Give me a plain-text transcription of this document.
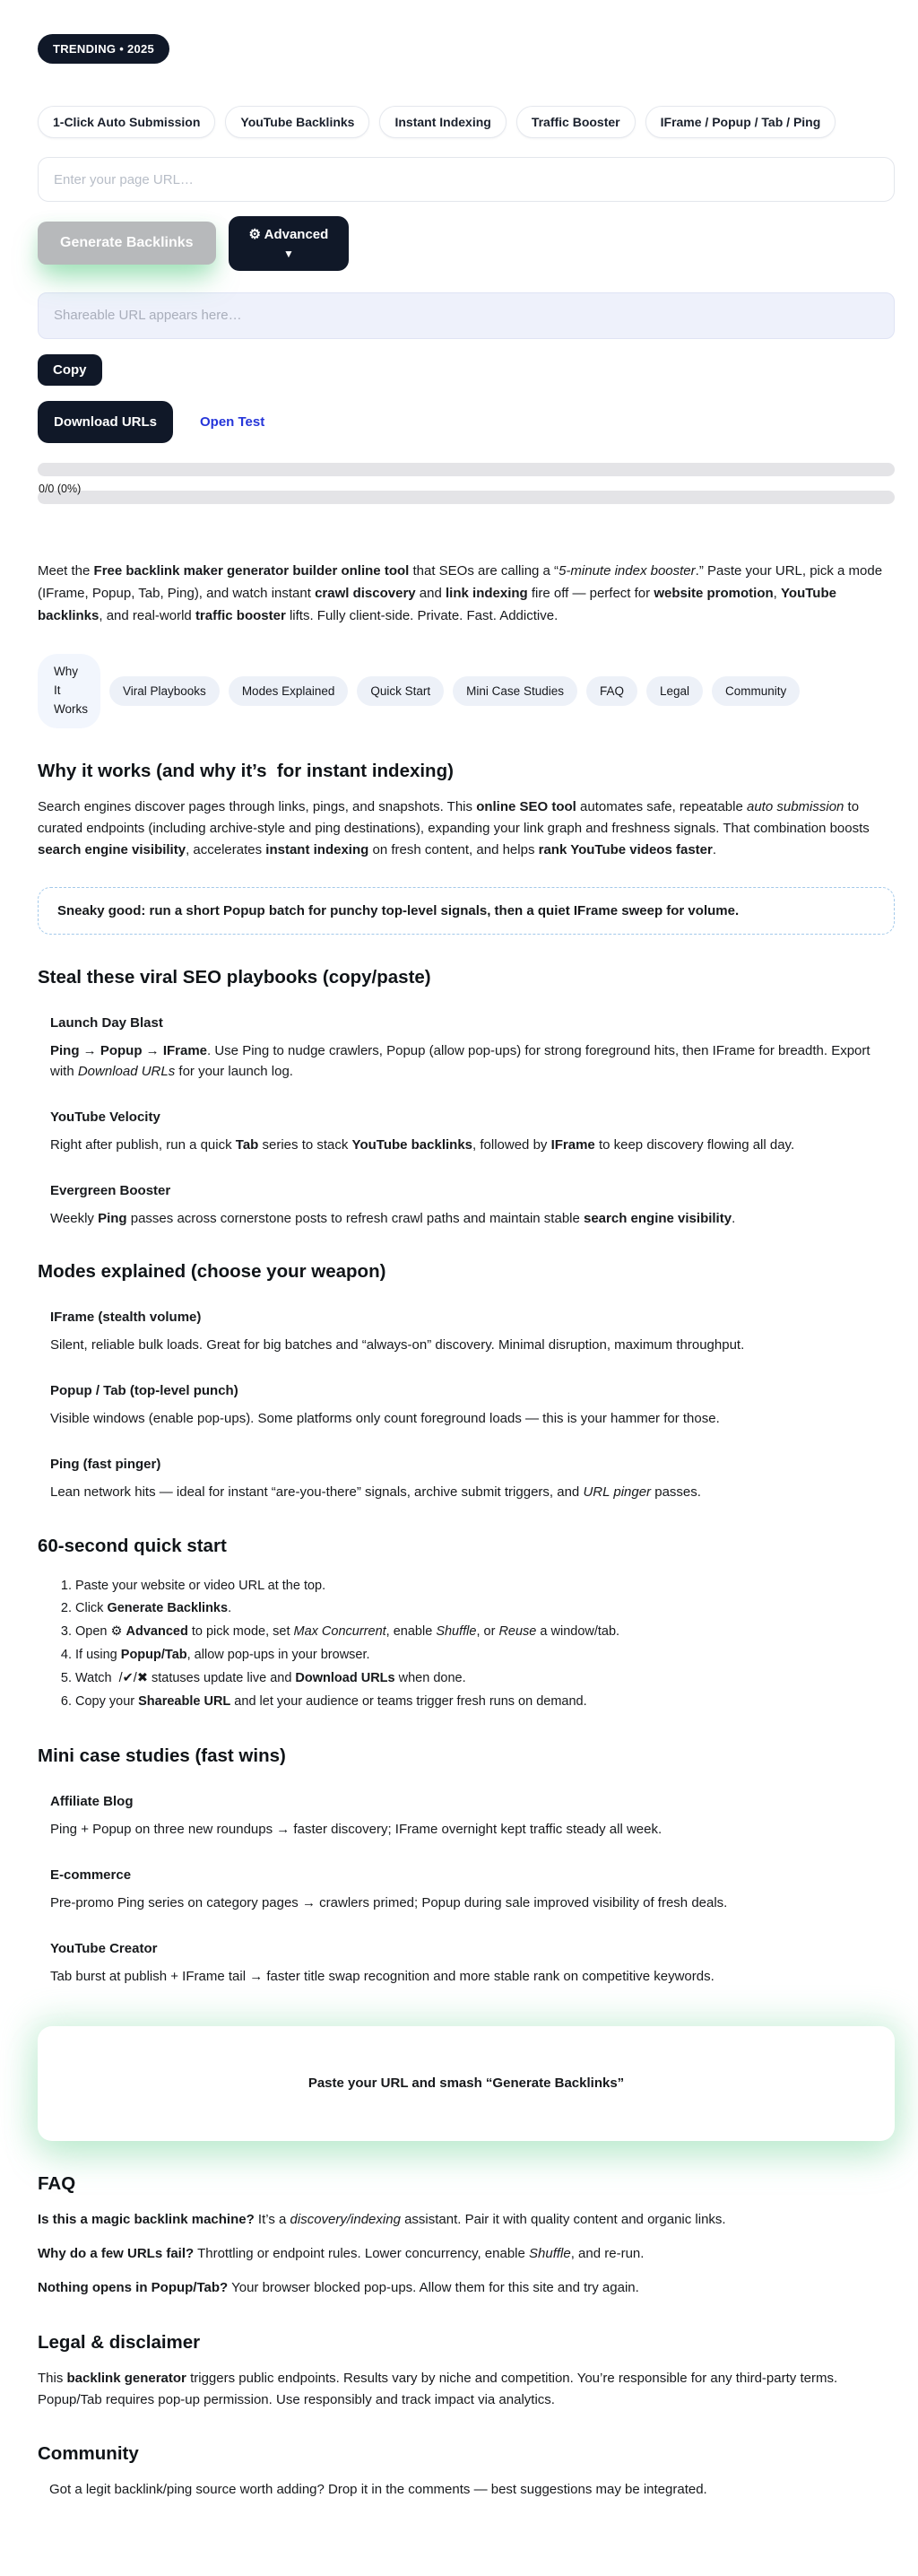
TRENDING • 2025
1-Click Auto Submission	YouTube Backlinks	Instant Indexing	Traffic Booster	IFrame / Popup / Tab / Ping
Enter your page URL…
Generate Backlinks
⚙ Advanced
▼
Shareable URL appears here…
Copy
Download URLs	Open Test
0/0 (0%)

Meet the Free backlink maker generator builder online tool that SEOs are calling a “5-minute index booster.” Paste your URL, pick a mode (IFrame, Popup, Tab, Ping), and watch instant crawl discovery and link indexing fire off — perfect for website promotion, YouTube backlinks, and real-world traffic booster lifts. Fully client-side. Private. Fast. Addictive.

Why It Works
Viral Playbooks	Modes Explained	Quick Start	Mini Case Studies	FAQ	Legal	Community
Why it works (and why it’s  for instant indexing)

Search engines discover pages through links, pings, and snapshots. This online SEO tool automates safe, repeatable auto submission to curated endpoints (including archive-style and ping destinations), expanding your link graph and freshness signals. That combination boosts search engine visibility, accelerates instant indexing on fresh content, and helps rank YouTube videos faster.

Sneaky good: run a short Popup batch for punchy top-level signals, then a quiet IFrame sweep for volume.
Steal these viral SEO playbooks (copy/paste)
Launch Day Blast
Ping → Popup → IFrame. Use Ping to nudge crawlers, Popup (allow pop-ups) for strong foreground hits, then IFrame for breadth. Export with Download URLs for your launch log.
YouTube Velocity
Right after publish, run a quick Tab series to stack YouTube backlinks, followed by IFrame to keep discovery flowing all day.
Evergreen Booster
Weekly Ping passes across cornerstone posts to refresh crawl paths and maintain stable search engine visibility.
Modes explained (choose your weapon)
IFrame (stealth volume)
Silent, reliable bulk loads. Great for big batches and “always-on” discovery. Minimal disruption, maximum throughput.
Popup / Tab (top-level punch)
Visible windows (enable pop-ups). Some platforms only count foreground loads — this is your hammer for those.
Ping (fast pinger)
Lean network hits — ideal for instant “are-you-there” signals, archive submit triggers, and URL pinger passes.
60-second quick start
1. Paste your website or video URL at the top.
2. Click Generate Backlinks.
3. Open ⚙ Advanced to pick mode, set Max Concurrent, enable Shuffle, or Reuse a window/tab.
4. If using Popup/Tab, allow pop-ups in your browser.
5. Watch  /✔/✖ statuses update live and Download URLs when done.
6. Copy your Shareable URL and let your audience or teams trigger fresh runs on demand.
Mini case studies (fast wins)
Affiliate Blog
Ping + Popup on three new roundups → faster discovery; IFrame overnight kept traffic steady all week.
E-commerce
Pre-promo Ping series on category pages → crawlers primed; Popup during sale improved visibility of fresh deals.
YouTube Creator
Tab burst at publish + IFrame tail → faster title swap recognition and more stable rank on competitive keywords.

Paste your URL and smash “Generate Backlinks”

FAQ

Is this a magic backlink machine? It’s a discovery/indexing assistant. Pair it with quality content and organic links.

Why do a few URLs fail? Throttling or endpoint rules. Lower concurrency, enable Shuffle, and re-run.

Nothing opens in Popup/Tab? Your browser blocked pop-ups. Allow them for this site and try again.

Legal & disclaimer

This backlink generator triggers public endpoints. Results vary by niche and competition. You’re responsible for any third-party terms. Popup/Tab requires pop-up permission. Use responsibly and track impact via analytics.

Community

Got a legit backlink/ping source worth adding? Drop it in the comments — best suggestions may be integrated.
